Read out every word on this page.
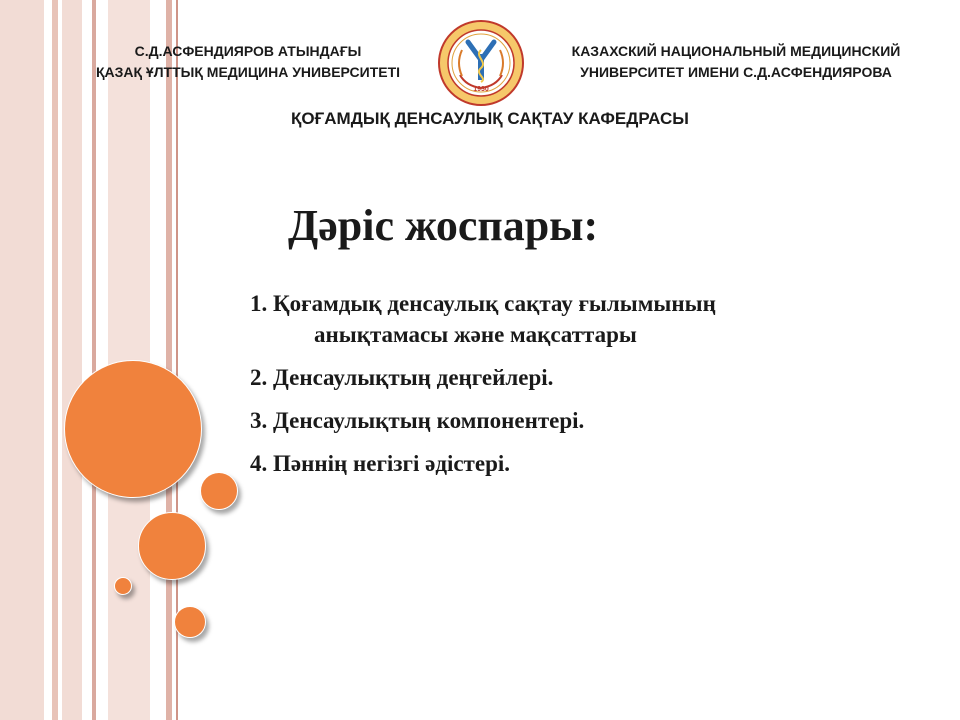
С.Д.АСФЕНДИЯРОВ АТЫНДАҒЫ
ҚАЗАҚ ҰЛТТЫҚ МЕДИЦИНА УНИВЕРСИТЕТІ
1930
КАЗАХСКИЙ НАЦИОНАЛЬНЫЙ МЕДИЦИНСКИЙ
УНИВЕРСИТЕТ ИМЕНИ С.Д.АСФЕНДИЯРОВА
ҚОҒАМДЫҚ ДЕНСАУЛЫҚ САҚТАУ КАФЕДРАСЫ
Дәріс жоспары:
1. Қоғамдық денсаулық сақтау ғылымының
анықтамасы және мақсаттары
2. Денсаулықтың деңгейлері.
3. Денсаулықтың компонентері.
4. Пәннің негізгі әдістері.
